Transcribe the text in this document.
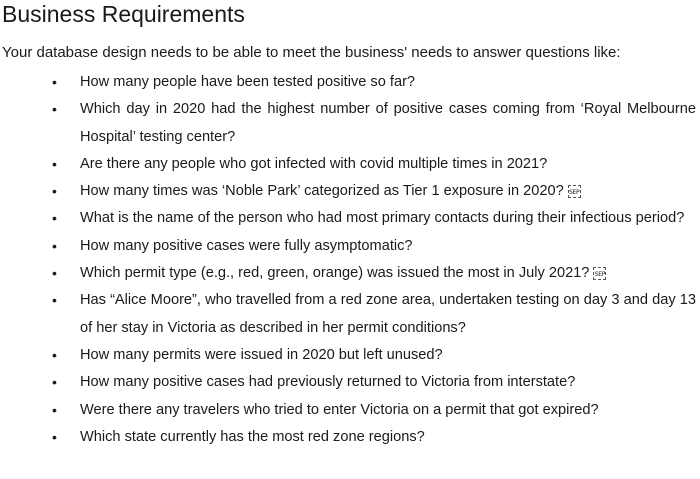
Business Requirements
Your database design needs to be able to meet the business' needs to answer questions like:
•	How many people have been tested positive so far?
•	Which day in 2020 had the highest number of positive cases coming from ‘Royal Melbourne Hospital’ testing center?
•	Are there any people who got infected with covid multiple times in 2021?
•	How many times was ‘Noble Park’ categorized as Tier 1 exposure in 2020? SEP
•	What is the name of the person who had most primary contacts during their infectious period?
•	How many positive cases were fully asymptomatic?
•	Which permit type (e.g., red, green, orange) was issued the most in July 2021? SEP
•	Has “Alice Moore”, who travelled from a red zone area, undertaken testing on day 3 and day 13 of her stay in Victoria as described in her permit conditions?
•	How many permits were issued in 2020 but left unused?
•	How many positive cases had previously returned to Victoria from interstate?
•	Were there any travelers who tried to enter Victoria on a permit that got expired?
•	Which state currently has the most red zone regions?
